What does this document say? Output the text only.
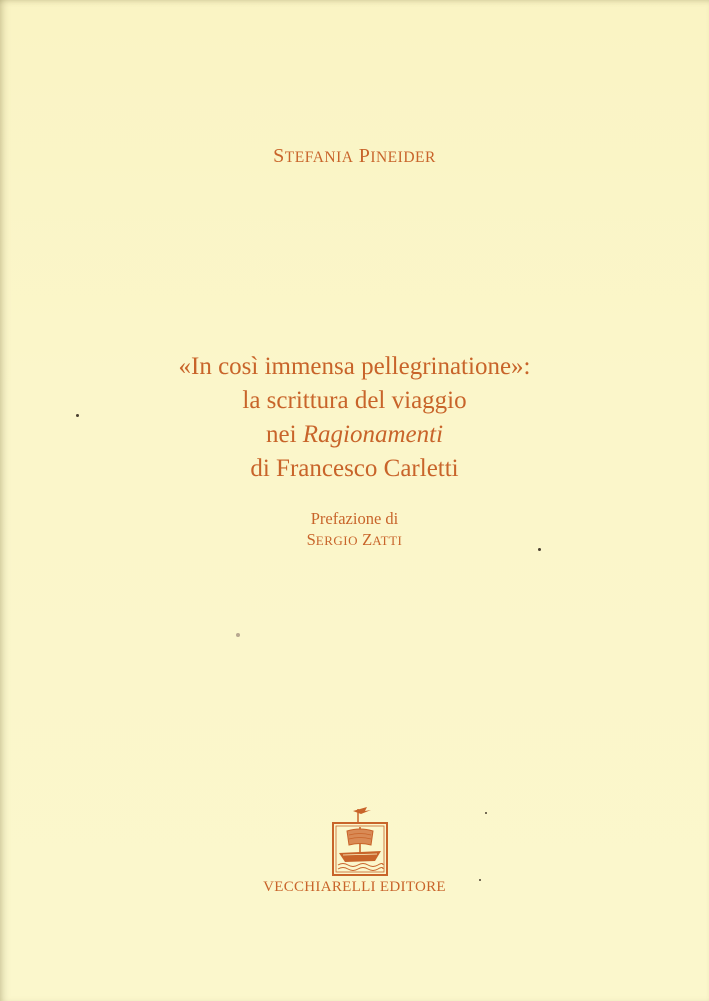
STEFANIA PINEIDER
«In così immensa pellegrinatione»:
la scrittura del viaggio
nei Ragionamenti
di Francesco Carletti
Prefazione di
SERGIO ZATTI
VECCHIARELLI EDITORE
